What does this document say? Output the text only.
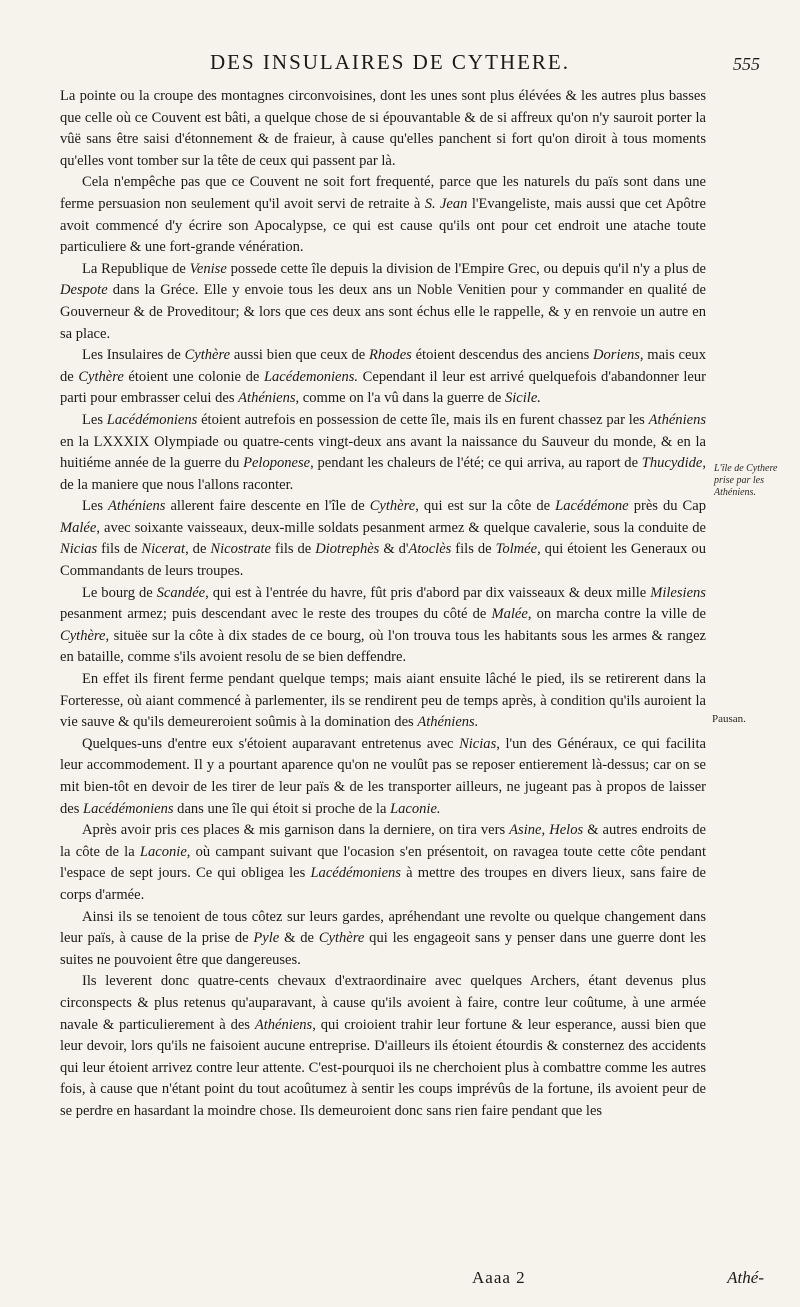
DES INSULAIRES DE CYTHERE.	555

La pointe ou la croupe des montagnes circonvoisines, dont les unes sont plus élévées & les autres plus basses que celle où ce Couvent est bâti, a quelque chose de si épouvantable & de si affreux qu'on n'y sauroit porter la vûë sans être saisi d'étonnement & de fraieur, à cause qu'elles panchent si fort qu'on diroit à tous moments qu'elles vont tomber sur la tête de ceux qui passent par là.

Cela n'empêche pas que ce Couvent ne soit fort frequenté, parce que les naturels du païs sont dans une ferme persuasion non seulement qu'il avoit servi de retraite à S. Jean l'Evangeliste, mais aussi que cet Apôtre avoit commencé d'y écrire son Apocalypse, ce qui est cause qu'ils ont pour cet endroit une atache toute particuliere & une fort-grande vénération.

La Republique de Venise possede cette île depuis la division de l'Empire Grec, ou depuis qu'il n'y a plus de Despote dans la Gréce. Elle y envoie tous les deux ans un Noble Venitien pour y commander en qualité de Gouverneur & de Proveditour; & lors que ces deux ans sont échus elle le rappelle, & y en renvoie un autre en sa place.

Les Insulaires de Cythère aussi bien que ceux de Rhodes étoient descendus des anciens Doriens, mais ceux de Cythère étoient une colonie de Lacédemoniens. Cependant il leur est arrivé quelquefois d'abandonner leur parti pour embrasser celui des Athéniens, comme on l'a vû dans la guerre de Sicile.

Les Lacédémoniens étoient autrefois en possession de cette île, mais ils en furent chassez par les Athéniens en la LXXXIX Olympiade ou quatre-cents vingt-deux ans avant la naissance du Sauveur du monde, & en la huitiéme année de la guerre du Peloponese, pendant les chaleurs de l'été; ce qui arriva, au raport de Thucydide, de la maniere que nous l'allons raconter.

Les Athéniens allerent faire descente en l'île de Cythère, qui est sur la côte de Lacédémone près du Cap Malée, avec soixante vaisseaux, deux-mille soldats pesanment armez & quelque cavalerie, sous la conduite de Nicias fils de Nicerat, de Nicostrate fils de Diotrephès & d'Atoclès fils de Tolmée, qui étoient les Generaux ou Commandants de leurs troupes.

Le bourg de Scandée, qui est à l'entrée du havre, fût pris d'abord par dix vaisseaux & deux mille Milesiens pesanment armez; puis descendant avec le reste des troupes du côté de Malée, on marcha contre la ville de Cythère, situëe sur la côte à dix stades de ce bourg, où l'on trouva tous les habitants sous les armes & rangez en bataille, comme s'ils avoient resolu de se bien deffendre.

En effet ils firent ferme pendant quelque temps; mais aiant ensuite lâché le pied, ils se retirerent dans la Forteresse, où aiant commencé à parlementer, ils se rendirent peu de temps après, à condition qu'ils auroient la vie sauve & qu'ils demeureroient soûmis à la domination des Athéniens.

Quelques-uns d'entre eux s'étoient auparavant entretenus avec Nicias, l'un des Généraux, ce qui facilita leur accommodement. Il y a pourtant aparence qu'on ne voulût pas se reposer entierement là-dessus; car on se mit bien-tôt en devoir de les tirer de leur païs & de les transporter ailleurs, ne jugeant pas à propos de laisser des Lacédémoniens dans une île qui étoit si proche de la Laconie.

Après avoir pris ces places & mis garnison dans la derniere, on tira vers Asine, Helos & autres endroits de la côte de la Laconie, où campant suivant que l'ocasion s'en présentoit, on ravagea toute cette côte pendant l'espace de sept jours. Ce qui obligea les Lacédémoniens à mettre des troupes en divers lieux, sans faire de corps d'armée.

Ainsi ils se tenoient de tous côtez sur leurs gardes, apréhendant une revolte ou quelque changement dans leur païs, à cause de la prise de Pyle & de Cythère qui les engageoit sans y penser dans une guerre dont les suites ne pouvoient être que dangereuses.

Ils leverent donc quatre-cents chevaux d'extraordinaire avec quelques Archers, étant devenus plus circonspects & plus retenus qu'auparavant, à cause qu'ils avoient à faire, contre leur coûtume, à une armée navale & particulierement à des Athéniens, qui croioient trahir leur fortune & leur esperance, aussi bien que leur devoir, lors qu'ils ne faisoient aucune entreprise. D'ailleurs ils étoient étourdis & consternez des accidents qui leur étoient arrivez contre leur attente. C'est-pourquoi ils ne cherchoient plus à combattre comme les autres fois, à cause que n'étant point du tout acoûtumez à sentir les coups imprévûs de la fortune, ils avoient peur de se perdre en hasardant la moindre chose. Ils demeuroient donc sans rien faire pendant que les

L'île de Cythere prise par les Athéniens.
Pausan.
Aaaa 2	Athé-
